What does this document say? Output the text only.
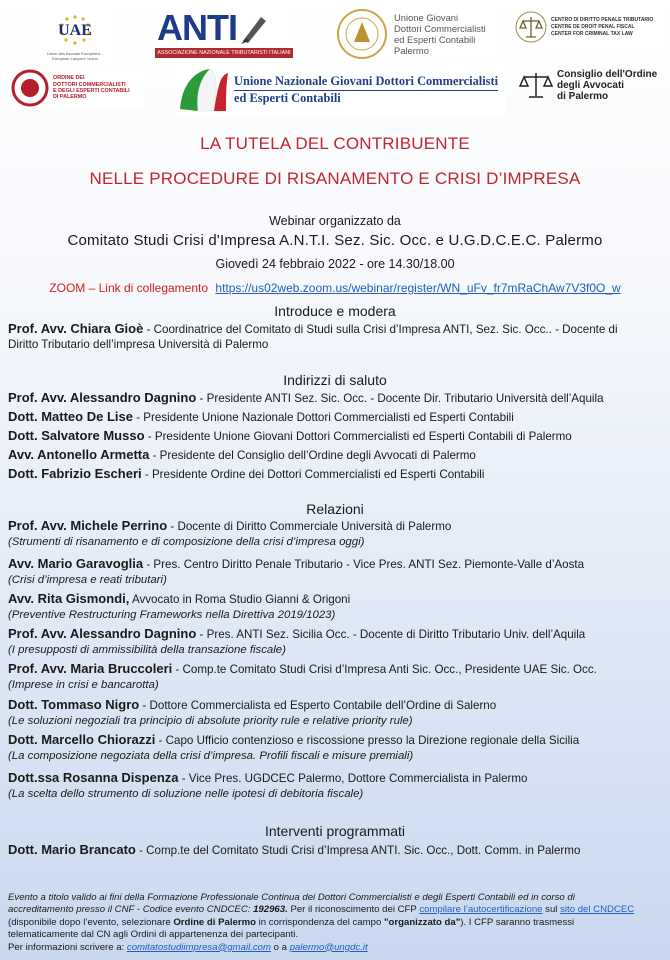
UAE
Union des Avocats Européens - European Lawyers' Union
ANTI
ASSOCIAZIONE NAZIONALE TRIBUTARISTI ITALIANI
Unione Giovani
Dottori Commercialisti
ed Esperti Contabili
Palermo
CENTRO DI DIRITTO PENALE TRIBUTARIO
CENTRE DE DROIT PENAL FISCAL
CENTER FOR CRIMINAL TAX LAW
ORDINE DEI
DOTTORI COMMERCIALISTI
E DEGLI ESPERTI CONTABILI
DI PALERMO
Unione Nazionale Giovani Dottori Commercialisti
ed Esperti Contabili
Consiglio dell'Ordine
degli Avvocati
di Palermo
LA TUTELA DEL CONTRIBUENTE
NELLE PROCEDURE DI RISANAMENTO E CRISI D’IMPRESA
Webinar organizzato da
Comitato Studi Crisi d'Impresa A.N.T.I. Sez. Sic. Occ. e U.G.D.C.E.C. Palermo
Giovedì 24 febbraio 2022 - ore 14.30/18.00
ZOOM – Link di collegamento https://us02web.zoom.us/webinar/register/WN_uFv_fr7mRaChAw7V3f0O_w
Introduce e modera
Prof. Avv. Chiara Gioè - Coordinatrice del Comitato di Studi sulla Crisi d’Impresa ANTI, Sez. Sic. Occ.. - Docente di
Diritto Tributario dell’impresa Università di Palermo
Indirizzi di saluto
Prof. Avv. Alessandro Dagnino - Presidente ANTI Sez. Sic. Occ. - Docente Dir. Tributario Università dell’Aquila
Dott. Matteo De Lise - Presidente Unione Nazionale Dottori Commercialisti ed Esperti Contabili
Dott. Salvatore Musso - Presidente Unione Giovani Dottori Commercialisti ed Esperti Contabili di Palermo
Avv. Antonello Armetta - Presidente del Consiglio dell’Ordine degli Avvocati di Palermo
Dott. Fabrizio Escheri - Presidente Ordine dei Dottori Commercialisti ed Esperti Contabili
Relazioni
Prof. Avv. Michele Perrino - Docente di Diritto Commerciale Università di Palermo
(Strumenti di risanamento e di composizione della crisi d’impresa oggi)
Avv. Mario Garavoglia - Pres. Centro Diritto Penale Tributario - Vice Pres. ANTI Sez. Piemonte-Valle d’Aosta
(Crisi d’impresa e reati tributari)
Avv. Rita Gismondi, Avvocato in Roma Studio Gianni & Origoni
(Preventive Restructuring Frameworks nella Direttiva 2019/1023)
Prof. Avv. Alessandro Dagnino - Pres. ANTI Sez. Sicilia Occ. - Docente di Diritto Tributario Univ. dell’Aquila
(I presupposti di ammissibilità della transazione fiscale)
Prof. Avv. Maria Bruccoleri - Comp.te Comitato Studi Crisi d’Impresa Anti Sic. Occ., Presidente UAE Sic. Occ.
(Imprese in crisi e bancarotta)
Dott. Tommaso Nigro - Dottore Commercialista ed Esperto Contabile dell’Ordine di Salerno
(Le soluzioni negoziali tra principio di absolute priority rule e relative priority rule)
Dott. Marcello Chiorazzi - Capo Ufficio contenzioso e riscossione presso la Direzione regionale della Sicilia
(La composizione negoziata della crisi d’impresa. Profili fiscali e misure premiali)
Dott.ssa Rosanna Dispenza - Vice Pres. UGDCEC Palermo, Dottore Commercialista in Palermo
(La scelta dello strumento di soluzione nelle ipotesi di debitoria fiscale)
Interventi programmati
Dott. Mario Brancato - Comp.te del Comitato Studi Crisi d’Impresa ANTI. Sic. Occ., Dott. Comm. in Palermo
Evento a titolo valido ai fini della Formazione Professionale Continua dei Dottori Commercialisti e degli Esperti Contabili ed in corso di
accreditamento presso il CNF - Codice evento CNDCEC: 192963. Per il riconoscimento dei CFP compilare l’autocertificazione sul sito del CNDCEC
(disponibile dopo l’evento, selezionare Ordine di Palermo in corrispondenza del campo "organizzato da"). I CFP saranno trasmessi
telematicamente dal CN agli Ordini di appartenenza dei partecipanti.
Per informazioni scrivere a: comitatostudiimpresa@gmail.com o a palermo@ungdc.it
